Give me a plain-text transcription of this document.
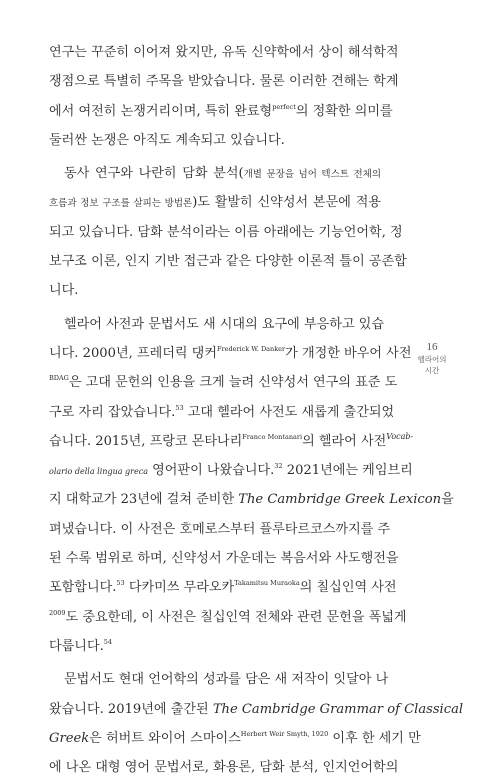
연구는 꾸준히 이어져 왔지만, 유독 신약학에서 상이 해석학적
쟁점으로 특별히 주목을 받았습니다. 물론 이러한 견해는 학계
에서 여전히 논쟁거리이며, 특히 완료형$^{perfect}$의 정확한 의미를
둘러싼 논쟁은 아직도 계속되고 있습니다.
동사 연구와 나란히 담화 분석(개별 문장을 넘어 텍스트 전체의
흐름과 정보 구조를 살피는 방법론)도 활발히 신약성서 본문에 적용
되고 있습니다. 담화 분석이라는 이름 아래에는 기능언어학, 정
보구조 이론, 인지 기반 접근과 같은 다양한 이론적 틀이 공존합
니다.
헬라어 사전과 문법서도 새 시대의 요구에 부응하고 있습
니다. 2000년, 프레더릭 댕커$^{Frederick W. Danker}$가 개정한 바우어 사전
$^{BDAG}$은 고대 문헌의 인용을 크게 늘려 신약성서 연구의 표준 도
구로 자리 잡았습니다.$^{53}$ 고대 헬라어 사전도 새롭게 출간되었
습니다. 2015년, 프랑코 몬타나리$^{Franco Montanari}$의 헬라어 사전$^{Vocab-}$
olario della lingua greca 영어판이 나왔습니다.$^{32}$ 2021년에는 케임브리
지 대학교가 23년에 걸쳐 준비한 The Cambridge Greek Lexicon을
펴냈습니다. 이 사전은 호메로스부터 플루타르코스까지를 주
된 수록 범위로 하며, 신약성서 가운데는 복음서와 사도행전을
포함합니다.$^{53}$ 다카미쓰 무라오카$^{Takamitsu Muraoka}$의 칠십인역 사전
$^{2009}$도 중요한데, 이 사전은 칠십인역 전체와 관련 문헌을 폭넓게
다룹니다.$^{54}$
문법서도 현대 언어학의 성과를 담은 새 저작이 잇달아 나
왔습니다. 2019년에 출간된 The Cambridge Grammar of Classical
Greek은 허버트 와이어 스마이스$^{Herbert Weir Smyth, 1920}$ 이후 한 세기 만
에 나온 대형 영어 문법서로, 화용론, 담화 분석, 인지언어학의
16
헬라어의
시간
